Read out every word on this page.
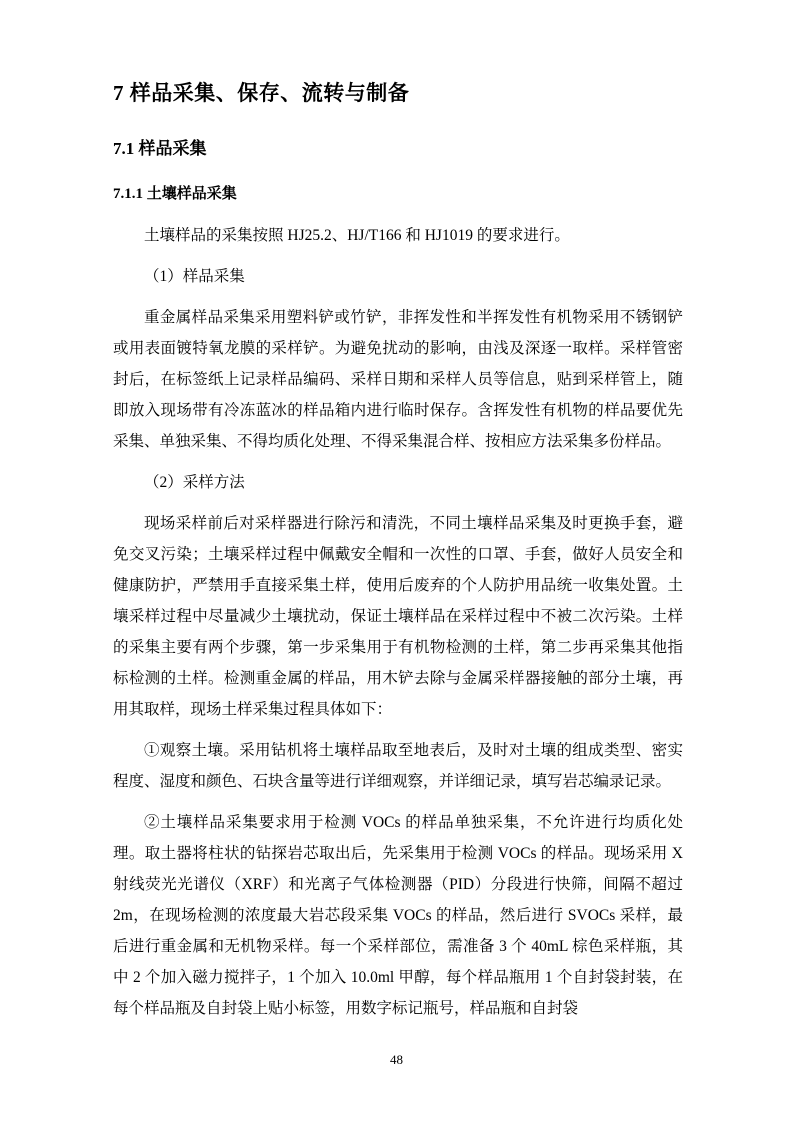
7 样品采集、保存、流转与制备
7.1 样品采集
7.1.1 土壤样品采集

土壤样品的采集按照 HJ25.2、HJ/T166 和 HJ1019 的要求进行。

（1）样品采集

重金属样品采集采用塑料铲或竹铲，非挥发性和半挥发性有机物采用不锈钢铲或用表面镀特氧龙膜的采样铲。为避免扰动的影响，由浅及深逐一取样。采样管密封后，在标签纸上记录样品编码、采样日期和采样人员等信息，贴到采样管上，随即放入现场带有冷冻蓝冰的样品箱内进行临时保存。含挥发性有机物的样品要优先采集、单独采集、不得均质化处理、不得采集混合样、按相应方法采集多份样品。

（2）采样方法

现场采样前后对采样器进行除污和清洗，不同土壤样品采集及时更换手套，避免交叉污染；土壤采样过程中佩戴安全帽和一次性的口罩、手套，做好人员安全和健康防护，严禁用手直接采集土样，使用后废弃的个人防护用品统一收集处置。土壤采样过程中尽量减少土壤扰动，保证土壤样品在采样过程中不被二次污染。土样的采集主要有两个步骤，第一步采集用于有机物检测的土样，第二步再采集其他指标检测的土样。检测重金属的样品，用木铲去除与金属采样器接触的部分土壤，再用其取样，现场土样采集过程具体如下：

①观察土壤。采用钻机将土壤样品取至地表后，及时对土壤的组成类型、密实程度、湿度和颜色、石块含量等进行详细观察，并详细记录，填写岩芯编录记录。

②土壤样品采集要求用于检测 VOCs 的样品单独采集，不允许进行均质化处理。取土器将柱状的钻探岩芯取出后，先采集用于检测 VOCs 的样品。现场采用 X 射线荧光光谱仪（XRF）和光离子气体检测器（PID）分段进行快筛，间隔不超过 2m，在现场检测的浓度最大岩芯段采集 VOCs 的样品，然后进行 SVOCs 采样，最后进行重金属和无机物采样。每一个采样部位，需准备 3 个 40mL 棕色采样瓶，其中 2 个加入磁力搅拌子，1 个加入 10.0ml 甲醇，每个样品瓶用 1 个自封袋封装，在每个样品瓶及自封袋上贴小标签，用数字标记瓶号，样品瓶和自封袋

48
